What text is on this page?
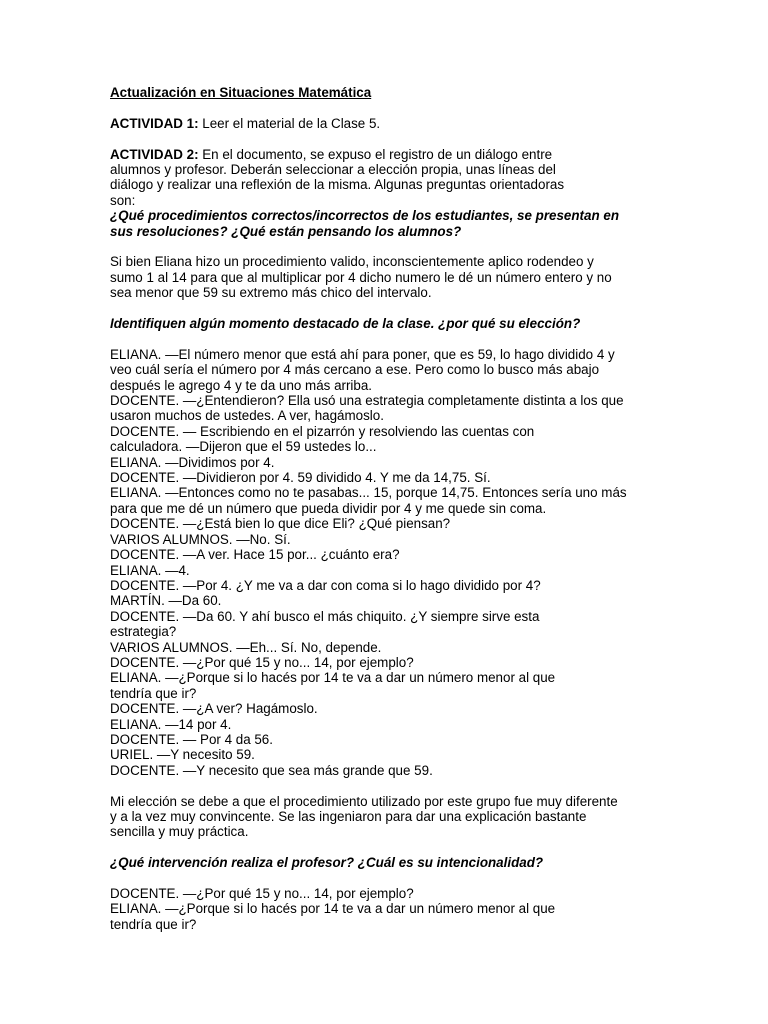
Actualización en Situaciones Matemática
ACTIVIDAD 1: Leer el material de la Clase 5.
ACTIVIDAD 2: En el documento, se expuso el registro de un diálogo entre
alumnos y profesor. Deberán seleccionar a elección propia, unas líneas del
diálogo y realizar una reflexión de la misma. Algunas preguntas orientadoras
son:
¿Qué procedimientos correctos/incorrectos de los estudiantes, se presentan en
sus resoluciones? ¿Qué están pensando los alumnos?
Si bien Eliana hizo un procedimiento valido, inconscientemente aplico rodendeo y
sumo 1 al 14 para que al multiplicar por 4 dicho numero le dé un número entero y no
sea menor que 59 su extremo más chico del intervalo.
Identifiquen algún momento destacado de la clase. ¿por qué su elección?
ELIANA. —El número menor que está ahí para poner, que es 59, lo hago dividido 4 y
veo cuál sería el número por 4 más cercano a ese. Pero como lo busco más abajo
después le agrego 4 y te da uno más arriba.
DOCENTE. —¿Entendieron? Ella usó una estrategia completamente distinta a los que
usaron muchos de ustedes. A ver, hagámoslo.
DOCENTE. — Escribiendo en el pizarrón y resolviendo las cuentas con
calculadora. —Dijeron que el 59 ustedes lo...
ELIANA. —Dividimos por 4.
DOCENTE. —Dividieron por 4. 59 dividido 4. Y me da 14,75. Sí.
ELIANA. —Entonces como no te pasabas... 15, porque 14,75. Entonces sería uno más
para que me dé un número que pueda dividir por 4 y me quede sin coma.
DOCENTE. —¿Está bien lo que dice Eli? ¿Qué piensan?
VARIOS ALUMNOS. —No. Sí.
DOCENTE. —A ver. Hace 15 por... ¿cuánto era?
ELIANA. —4.
DOCENTE. —Por 4. ¿Y me va a dar con coma si lo hago dividido por 4?
MARTÍN. —Da 60.
DOCENTE. —Da 60. Y ahí busco el más chiquito. ¿Y siempre sirve esta
estrategia?
VARIOS ALUMNOS. —Eh... Sí. No, depende.
DOCENTE. —¿Por qué 15 y no... 14, por ejemplo?
ELIANA. —¿Porque si lo hacés por 14 te va a dar un número menor al que
tendría que ir?
DOCENTE. —¿A ver? Hagámoslo.
ELIANA. —14 por 4.
DOCENTE. — Por 4 da 56.
URIEL. —Y necesito 59.
DOCENTE. —Y necesito que sea más grande que 59.
Mi elección se debe a que el procedimiento utilizado por este grupo fue muy diferente
y a la vez muy convincente. Se las ingeniaron para dar una explicación bastante
sencilla y muy práctica.
¿Qué intervención realiza el profesor? ¿Cuál es su intencionalidad?
DOCENTE. —¿Por qué 15 y no... 14, por ejemplo?
ELIANA. —¿Porque si lo hacés por 14 te va a dar un número menor al que
tendría que ir?
